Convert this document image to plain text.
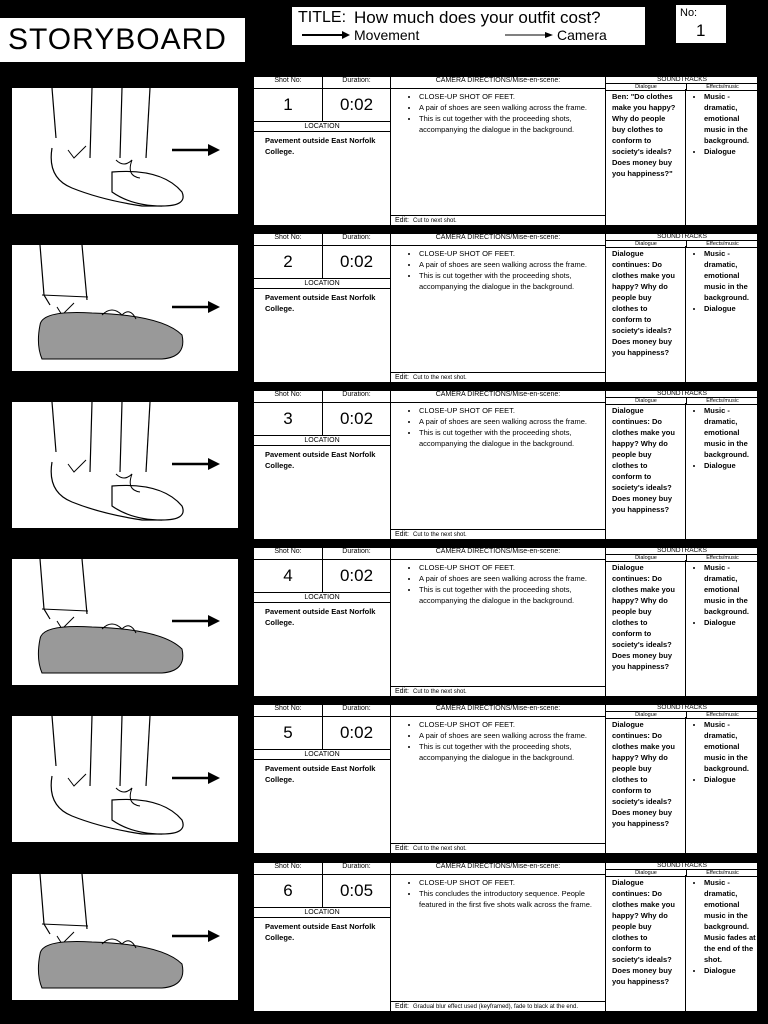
STORYBOARD
TITLE: How much does your outfit cost?
Movement	Camera
No:
1
Shot No:	Duration:	CAMERA DIRECTIONS/Mise-en-scene:	SOUNDTRACKS
Dialogue	Effects/music
1	0:02
LOCATION
Pavement outside East Norfolk College.
• CLOSE-UP SHOT OF FEET.
• A pair of shoes are seen walking across the frame.
• This is cut together with the proceeding shots, accompanying the dialogue in the background.
Edit: Cut to next shot.
Ben: "Do clothes make you happy? Why do people buy clothes to conform to society's ideals? Does money buy you happiness?"
• Music - dramatic, emotional music in the background.
• Dialogue
Shot No:	Duration:	CAMERA DIRECTIONS/Mise-en-scene:	SOUNDTRACKS
Dialogue	Effects/music
2	0:02
LOCATION
Pavement outside East Norfolk College.
• CLOSE-UP SHOT OF FEET.
• A pair of shoes are seen walking across the frame.
• This is cut together with the proceeding shots, accompanying the dialogue in the background.
Edit: Cut to the next shot.
Dialogue continues: Do clothes make you happy? Why do people buy clothes to conform to society's ideals? Does money buy you happiness?
• Music - dramatic, emotional music in the background.
• Dialogue
Shot No:	Duration:	CAMERA DIRECTIONS/Mise-en-scene:	SOUNDTRACKS
Dialogue	Effects/music
3	0:02
LOCATION
Pavement outside East Norfolk College.
• CLOSE-UP SHOT OF FEET.
• A pair of shoes are seen walking across the frame.
• This is cut together with the proceeding shots, accompanying the dialogue in the background.
Edit: Cut to the next shot.
Dialogue continues: Do clothes make you happy? Why do people buy clothes to conform to society's ideals? Does money buy you happiness?
• Music - dramatic, emotional music in the background.
• Dialogue
Shot No:	Duration:	CAMERA DIRECTIONS/Mise-en-scene:	SOUNDTRACKS
Dialogue	Effects/music
4	0:02
LOCATION
Pavement outside East Norfolk College.
• CLOSE-UP SHOT OF FEET.
• A pair of shoes are seen walking across the frame.
• This is cut together with the proceeding shots, accompanying the dialogue in the background.
Edit: Cut to the next shot.
Dialogue continues: Do clothes make you happy? Why do people buy clothes to conform to society's ideals? Does money buy you happiness?
• Music - dramatic, emotional music in the background.
• Dialogue
Shot No:	Duration:	CAMERA DIRECTIONS/Mise-en-scene:	SOUNDTRACKS
Dialogue	Effects/music
5	0:02
LOCATION
Pavement outside East Norfolk College.
• CLOSE-UP SHOT OF FEET.
• A pair of shoes are seen walking across the frame.
• This is cut together with the proceeding shots, accompanying the dialogue in the background.
Edit: Cut to the next shot.
Dialogue continues: Do clothes make you happy? Why do people buy clothes to conform to society's ideals? Does money buy you happiness?
• Music - dramatic, emotional music in the background.
• Dialogue
Shot No:	Duration:	CAMERA DIRECTIONS/Mise-en-scene:	SOUNDTRACKS
Dialogue	Effects/music
6	0:05
LOCATION
Pavement outside East Norfolk College.
• CLOSE-UP SHOT OF FEET.
• This concludes the introductory sequence. People featured in the first five shots walk across the frame.
Edit: Gradual blur effect used (keyframed), fade to black at the end.
Dialogue continues: Do clothes make you happy? Why do people buy clothes to conform to society's ideals? Does money buy you happiness?
• Music - dramatic, emotional music in the background. Music fades at the end of the shot.
• Dialogue
